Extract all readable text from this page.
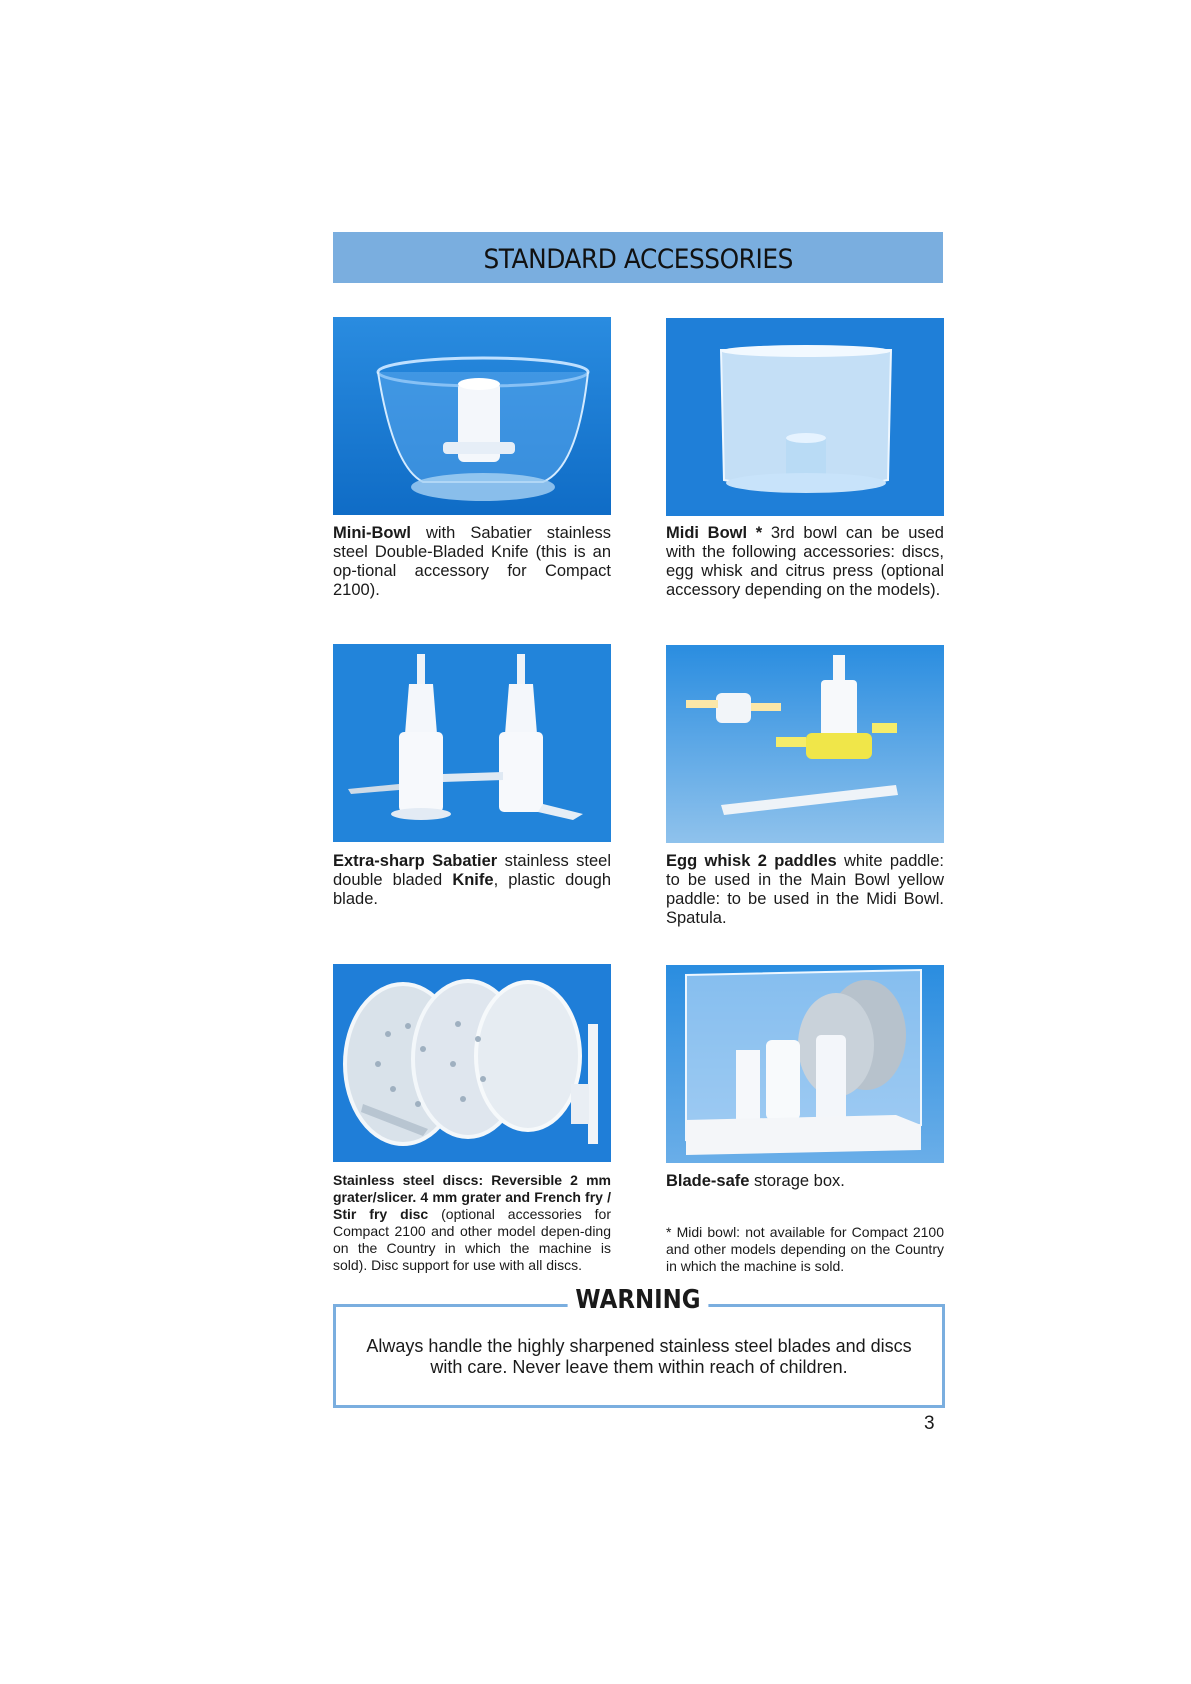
STANDARD ACCESSORIES
Mini-Bowl with Sabatier stainless steel Double-Bladed Knife (this is an op-tional accessory for Compact 2100).
Midi Bowl * 3rd bowl can be used with the following accessories: discs, egg whisk and citrus press (optional accessory depending on the models).
Extra-sharp Sabatier stainless steel double bladed Knife, plastic dough blade.
Egg whisk 2 paddles white paddle: to be used in the Main Bowl yellow paddle: to be used in the Midi Bowl. Spatula.
Stainless steel discs: Reversible 2 mm grater/slicer. 4 mm grater and French fry / Stir fry disc (optional accessories for Compact 2100 and other model depen-ding on the Country in which the machine is sold). Disc support for use with all discs.
Blade-safe storage box.
* Midi bowl: not available for Compact 2100 and other models depending on the Country in which the machine is sold.
WARNING
Always handle the highly sharpened stainless steel blades and discs
with care. Never leave them within reach of children.
3
